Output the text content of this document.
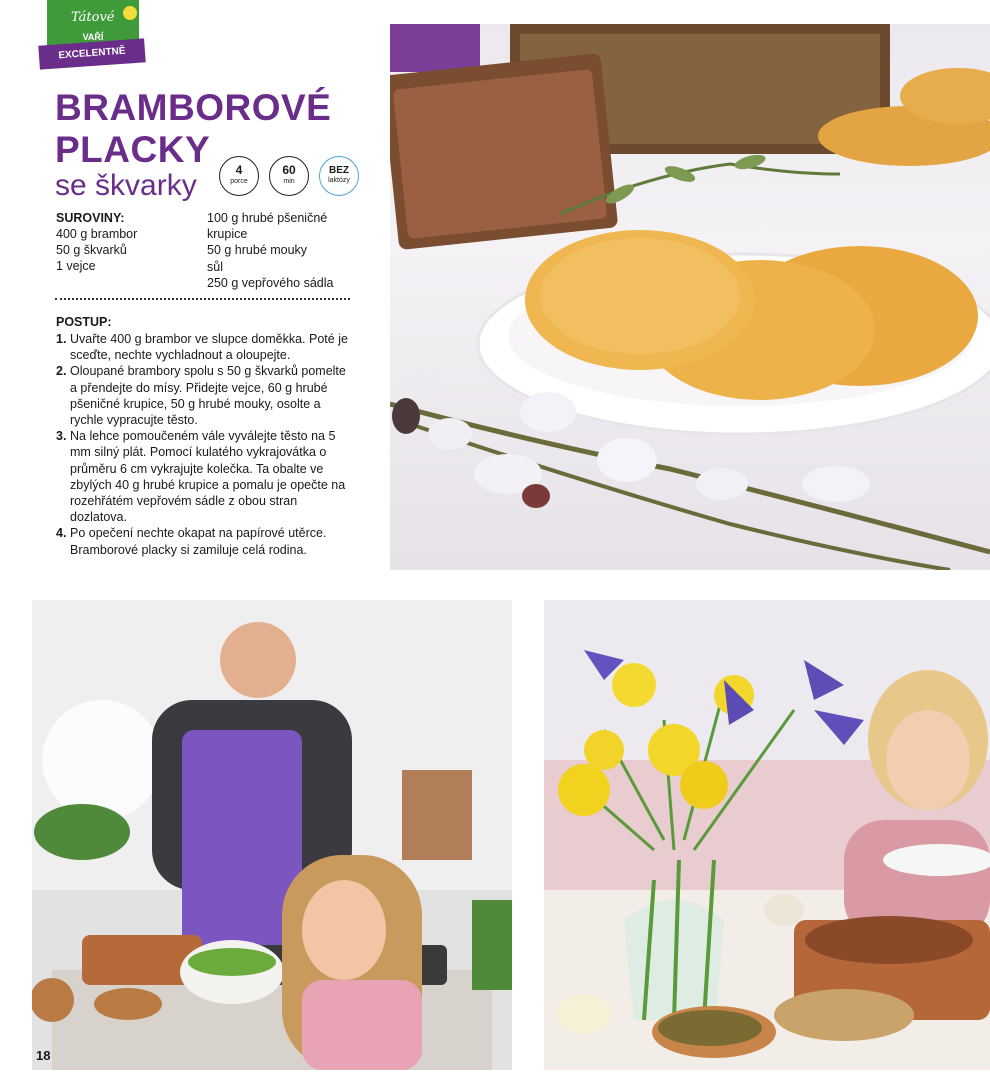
Tátové
VAŘÍ
EXCELENTNĚ
BRAMBOROVÉ
PLACKY
se škvarky	4
porce
60
min
BEZ
laktózy
SUROVINY:
400 g brambor
50 g škvarků
1 vejce
100 g hrubé pšeničné
krupice
50 g hrubé mouky
sůl
250 g vepřového sádla
POSTUP:
1. Uvařte 400 g brambor ve slupce doměkka. Poté je sceďte, nechte vychladnout a oloupejte.
2. Oloupané brambory spolu s 50 g škvarků pomelte a přendejte do mísy. Přidejte vejce, 60 g hrubé pšeničné krupice, 50 g hrubé mouky, osolte a rychle vypracujte těsto.
3. Na lehce pomoučeném vále vyválejte těsto na 5 mm silný plát. Pomocí kulatého vykrajovátka o průměru 6 cm vykrajujte kolečka. Ta obalte ve zbylých 40 g hrubé krupice a pomalu je opečte na rozehřátém vepřovém sádle z obou stran dozlatova.
4. Po opečení nechte okapat na papírové utěrce. Bramborové placky si zamiluje celá rodina.
18
